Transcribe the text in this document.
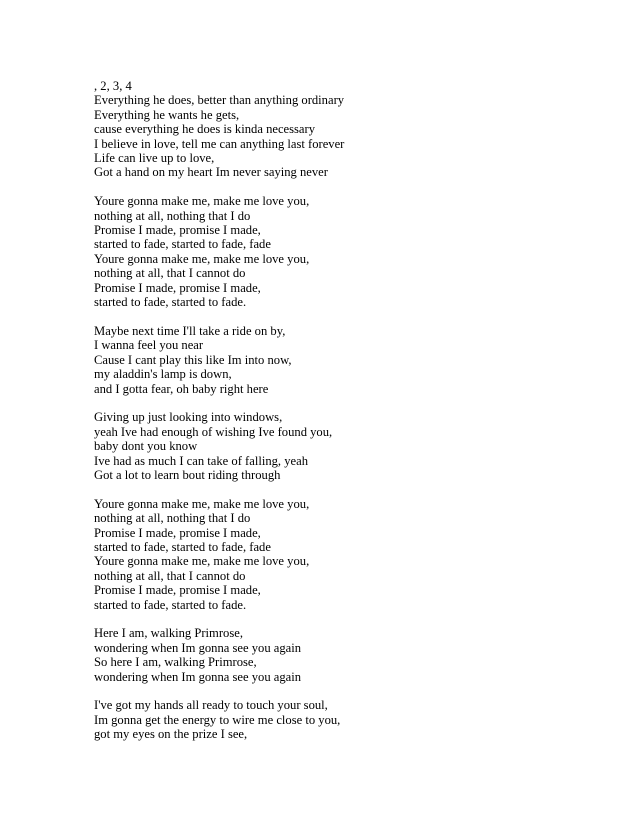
, 2, 3, 4
Everything he does, better than anything ordinary
Everything he wants he gets,
cause everything he does is kinda necessary
I believe in love, tell me can anything last forever
Life can live up to love,
Got a hand on my heart Im never saying never
Youre gonna make me, make me love you,
nothing at all, nothing that I do
Promise I made, promise I made,
started to fade, started to fade, fade
Youre gonna make me, make me love you,
nothing at all, that I cannot do
Promise I made, promise I made,
started to fade, started to fade.
Maybe next time I'll take a ride on by,
I wanna feel you near
Cause I cant play this like Im into now,
my aladdin's lamp is down,
and I gotta fear, oh baby right here
Giving up just looking into windows,
yeah Ive had enough of wishing Ive found you,
baby dont you know
Ive had as much I can take of falling, yeah
Got a lot to learn bout riding through
Youre gonna make me, make me love you,
nothing at all, nothing that I do
Promise I made, promise I made,
started to fade, started to fade, fade
Youre gonna make me, make me love you,
nothing at all, that I cannot do
Promise I made, promise I made,
started to fade, started to fade.
Here I am, walking Primrose,
wondering when Im gonna see you again
So here I am, walking Primrose,
wondering when Im gonna see you again
I've got my hands all ready to touch your soul,
Im gonna get the energy to wire me close to you,
got my eyes on the prize I see,
